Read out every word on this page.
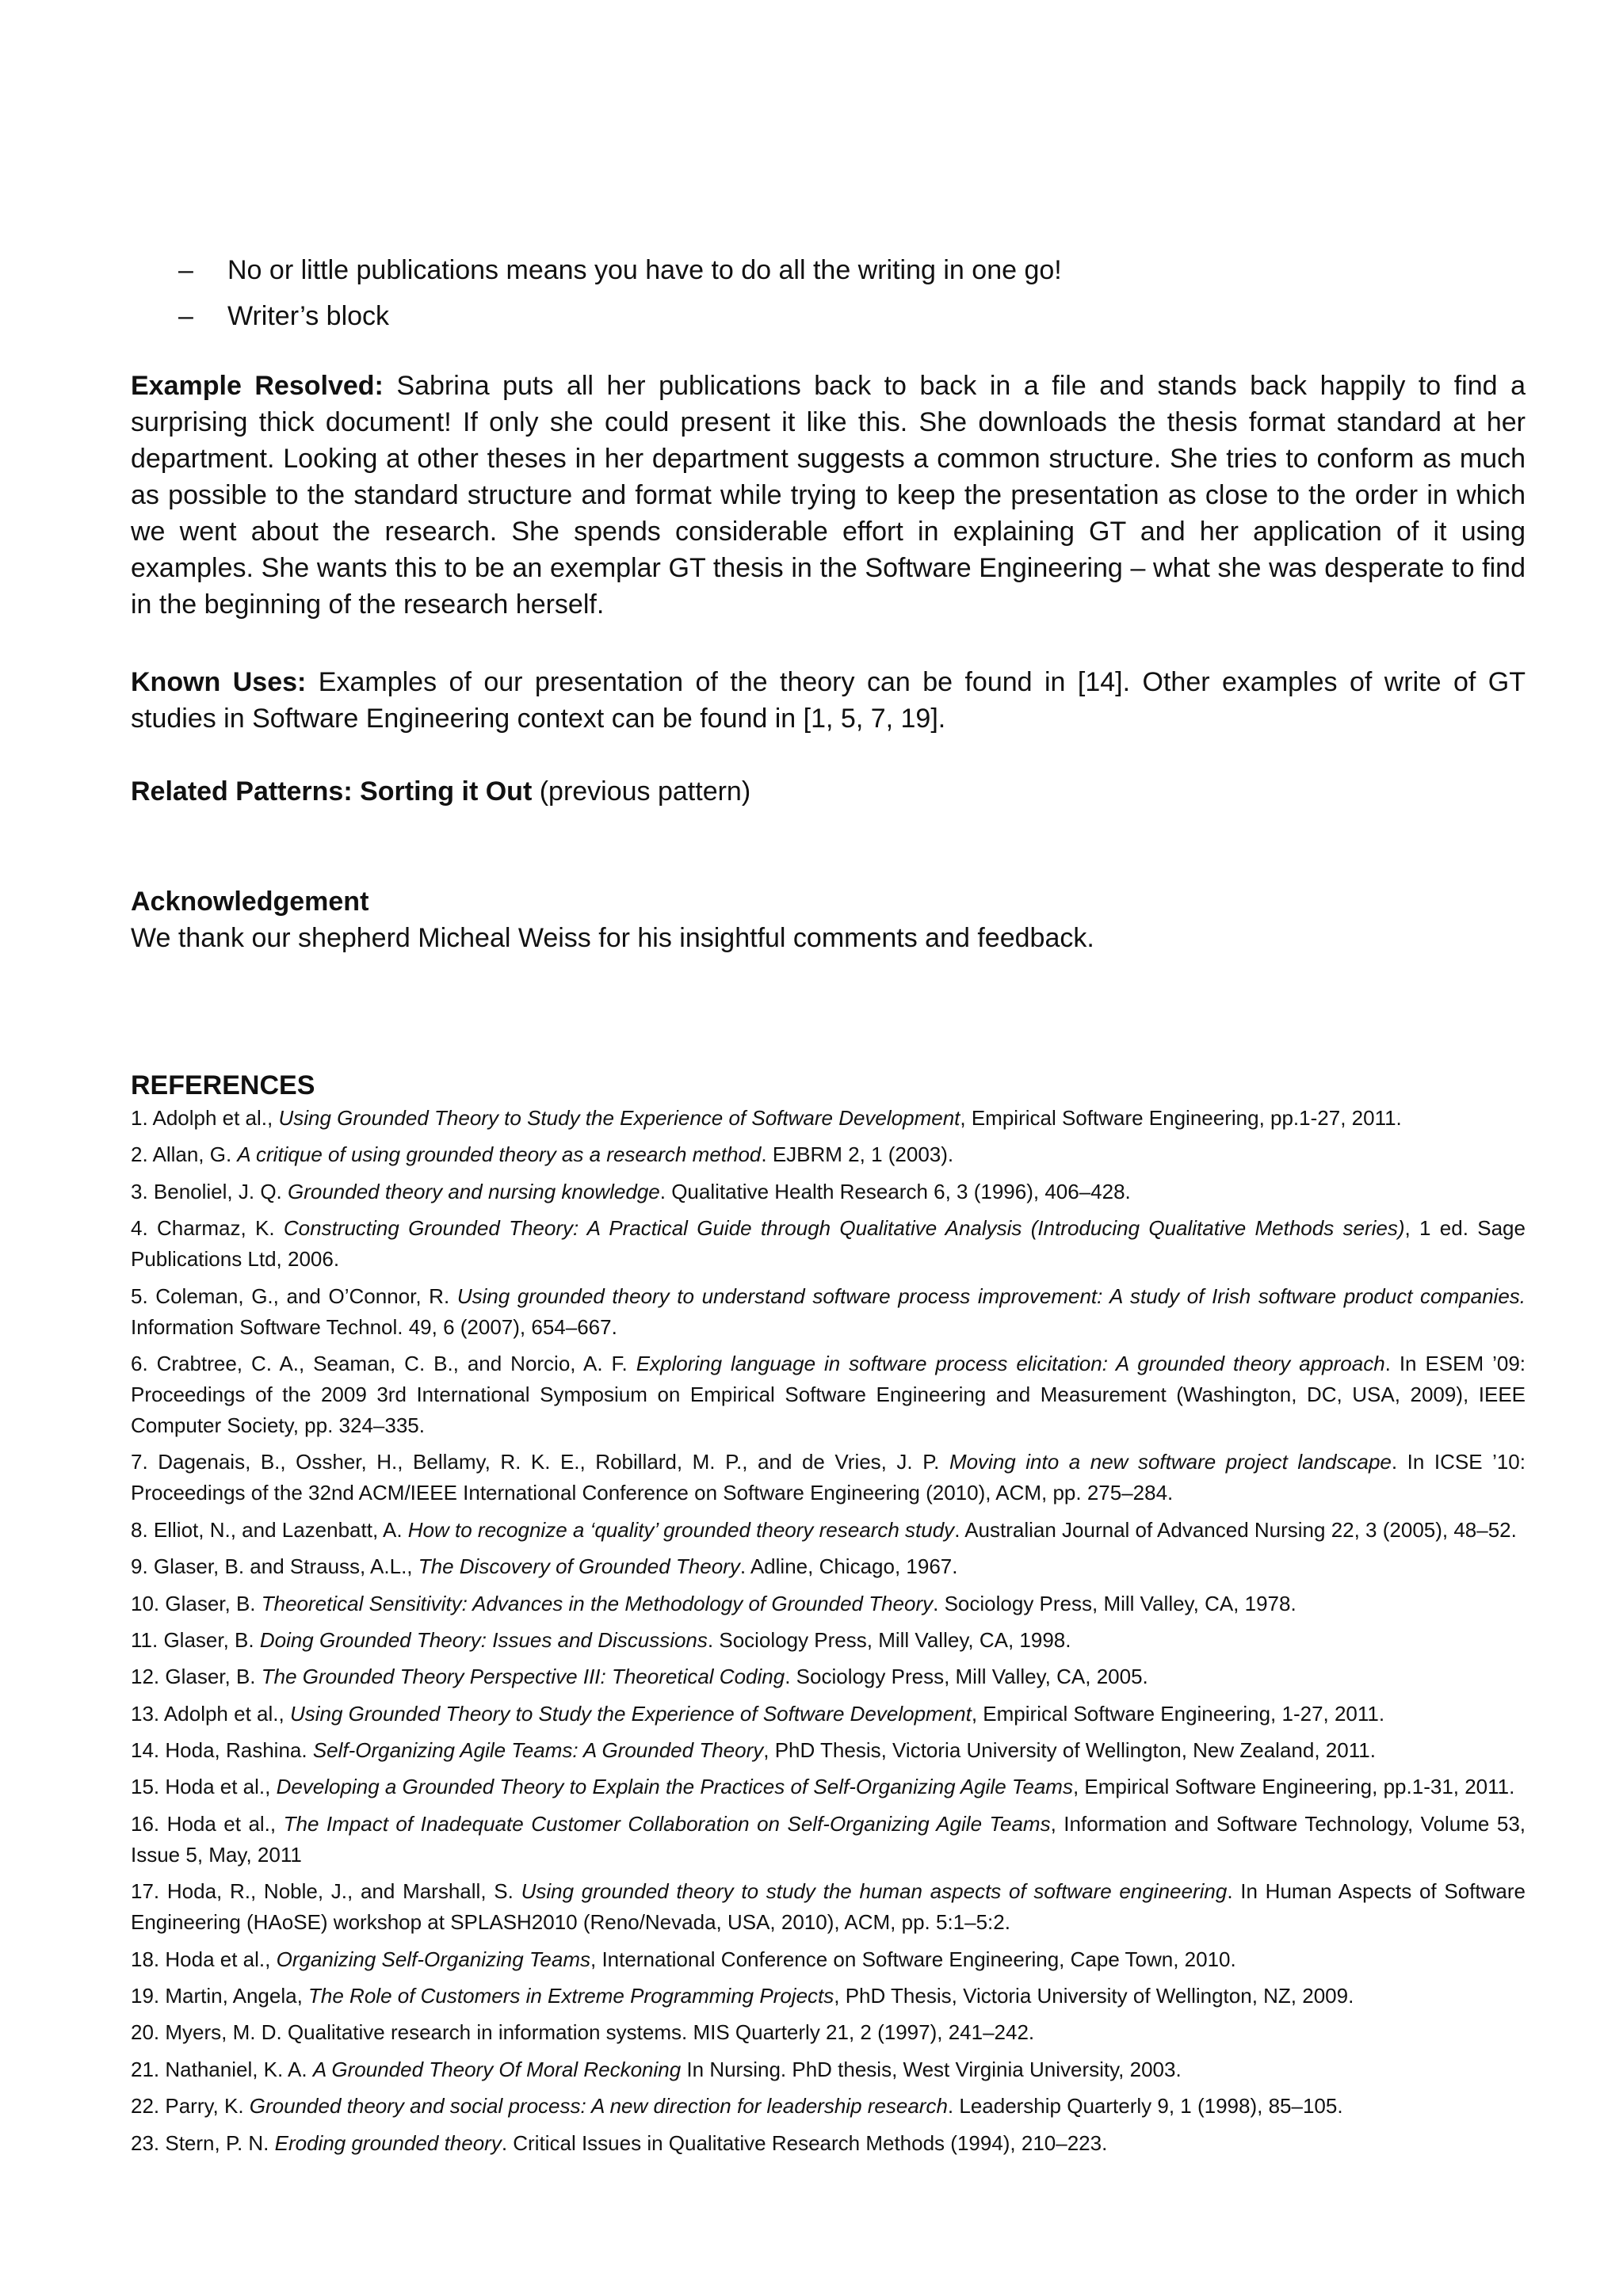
– No or little publications means you have to do all the writing in one go!
– Writer’s block

Example Resolved: Sabrina puts all her publications back to back in a file and stands back happily to find a surprising thick document! If only she could present it like this. She downloads the thesis format standard at her department. Looking at other theses in her department suggests a common structure. She tries to conform as much as possible to the standard structure and format while trying to keep the presentation as close to the order in which we went about the research. She spends considerable effort in explaining GT and her application of it using examples. She wants this to be an exemplar GT thesis in the Software Engineering – what she was desperate to find in the beginning of the research herself.

Known Uses: Examples of our presentation of the theory can be found in [14]. Other examples of write of GT studies in Software Engineering context can be found in [1, 5, 7, 19].

Related Patterns: Sorting it Out (previous pattern)

Acknowledgement

We thank our shepherd Micheal Weiss for his insightful comments and feedback.

REFERENCES
1. Adolph et al., Using Grounded Theory to Study the Experience of Software Development, Empirical Software Engineering, pp.1-27, 2011.
2. Allan, G. A critique of using grounded theory as a research method. EJBRM 2, 1 (2003).
3. Benoliel, J. Q. Grounded theory and nursing knowledge. Qualitative Health Research 6, 3 (1996), 406–428.
4. Charmaz, K. Constructing Grounded Theory: A Practical Guide through Qualitative Analysis (Introducing Qualitative Methods series), 1 ed. Sage Publications Ltd, 2006.
5. Coleman, G., and O’Connor, R. Using grounded theory to understand software process improvement: A study of Irish software product companies. Information Software Technol. 49, 6 (2007), 654–667.
6. Crabtree, C. A., Seaman, C. B., and Norcio, A. F. Exploring language in software process elicitation: A grounded theory approach. In ESEM ’09: Proceedings of the 2009 3rd International Symposium on Empirical Software Engineering and Measurement (Washington, DC, USA, 2009), IEEE Computer Society, pp. 324–335.
7. Dagenais, B., Ossher, H., Bellamy, R. K. E., Robillard, M. P., and de Vries, J. P. Moving into a new software project landscape. In ICSE ’10: Proceedings of the 32nd ACM/IEEE International Conference on Software Engineering (2010), ACM, pp. 275–284.
8. Elliot, N., and Lazenbatt, A. How to recognize a ‘quality’ grounded theory research study. Australian Journal of Advanced Nursing 22, 3 (2005), 48–52.
9. Glaser, B. and Strauss, A.L., The Discovery of Grounded Theory. Adline, Chicago, 1967.
10. Glaser, B. Theoretical Sensitivity: Advances in the Methodology of Grounded Theory. Sociology Press, Mill Valley, CA, 1978.
11. Glaser, B. Doing Grounded Theory: Issues and Discussions. Sociology Press, Mill Valley, CA, 1998.
12. Glaser, B. The Grounded Theory Perspective III: Theoretical Coding. Sociology Press, Mill Valley, CA, 2005.
13. Adolph et al., Using Grounded Theory to Study the Experience of Software Development, Empirical Software Engineering, 1-27, 2011.
14. Hoda, Rashina. Self-Organizing Agile Teams: A Grounded Theory, PhD Thesis, Victoria University of Wellington, New Zealand, 2011.
15. Hoda et al., Developing a Grounded Theory to Explain the Practices of Self-Organizing Agile Teams, Empirical Software Engineering, pp.1-31, 2011.
16. Hoda et al., The Impact of Inadequate Customer Collaboration on Self-Organizing Agile Teams, Information and Software Technology, Volume 53, Issue 5, May, 2011
17. Hoda, R., Noble, J., and Marshall, S. Using grounded theory to study the human aspects of software engineering. In Human Aspects of Software Engineering (HAoSE) workshop at SPLASH2010 (Reno/Nevada, USA, 2010), ACM, pp. 5:1–5:2.
18. Hoda et al., Organizing Self-Organizing Teams, International Conference on Software Engineering, Cape Town, 2010.
19. Martin, Angela, The Role of Customers in Extreme Programming Projects, PhD Thesis, Victoria University of Wellington, NZ, 2009.
20. Myers, M. D. Qualitative research in information systems. MIS Quarterly 21, 2 (1997), 241–242.
21. Nathaniel, K. A. A Grounded Theory Of Moral Reckoning In Nursing. PhD thesis, West Virginia University, 2003.
22. Parry, K. Grounded theory and social process: A new direction for leadership research. Leadership Quarterly 9, 1 (1998), 85–105.
23. Stern, P. N. Eroding grounded theory. Critical Issues in Qualitative Research Methods (1994), 210–223.
